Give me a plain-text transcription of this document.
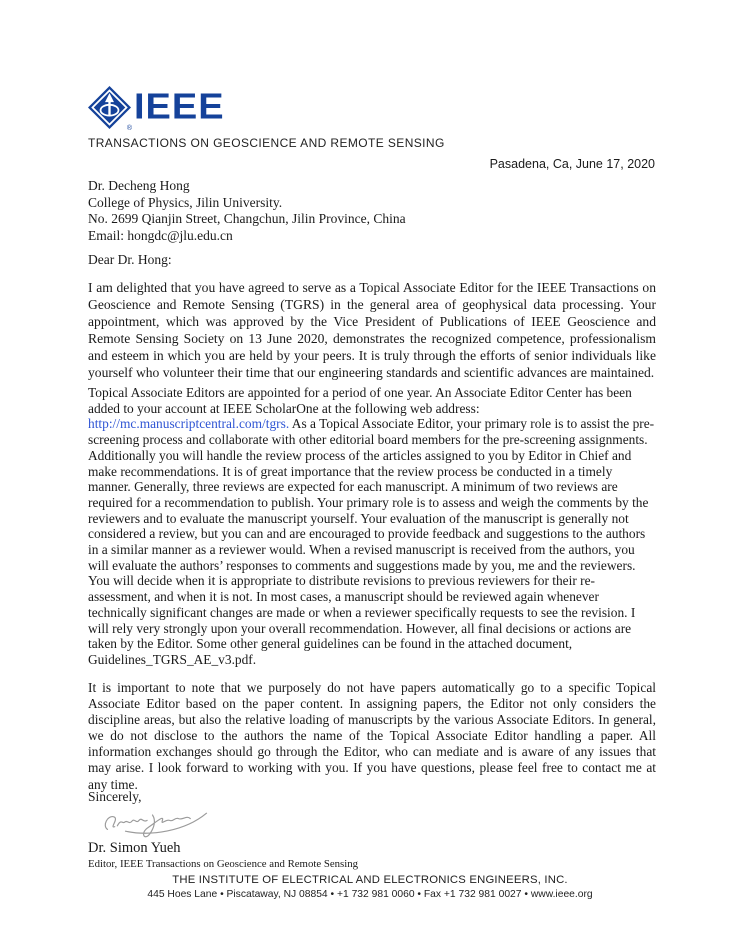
®
IEEE
TRANSACTIONS ON GEOSCIENCE AND REMOTE SENSING
Pasadena, Ca, June 17, 2020
Dr. Decheng Hong
College of Physics, Jilin University.
No. 2699 Qianjin Street, Changchun, Jilin Province, China
Email: hongdc@jlu.edu.cn
Dear Dr. Hong:
I am delighted that you have agreed to serve as a Topical Associate Editor for the IEEE Transactions on Geoscience and Remote Sensing (TGRS) in the general area of geophysical data processing. Your appointment, which was approved by the Vice President of Publications of IEEE Geoscience and Remote Sensing Society on 13 June 2020, demonstrates the recognized competence, professionalism and esteem in which you are held by your peers. It is truly through the efforts of senior individuals like yourself who volunteer their time that our engineering standards and scientific advances are maintained.
Topical Associate Editors are appointed for a period of one year. An Associate Editor Center has been added to your account at IEEE ScholarOne at the following web address: http://mc.manuscriptcentral.com/tgrs. As a Topical Associate Editor, your primary role is to assist the pre-screening process and collaborate with other editorial board members for the pre-screening assignments. Additionally you will handle the review process of the articles assigned to you by Editor in Chief and make recommendations. It is of great importance that the review process be conducted in a timely manner. Generally, three reviews are expected for each manuscript. A minimum of two reviews are required for a recommendation to publish. Your primary role is to assess and weigh the comments by the reviewers and to evaluate the manuscript yourself. Your evaluation of the manuscript is generally not considered a review, but you can and are encouraged to provide feedback and suggestions to the authors in a similar manner as a reviewer would. When a revised manuscript is received from the authors, you will evaluate the authors’ responses to comments and suggestions made by you, me and the reviewers. You will decide when it is appropriate to distribute revisions to previous reviewers for their re-assessment, and when it is not. In most cases, a manuscript should be reviewed again whenever technically significant changes are made or when a reviewer specifically requests to see the revision. I will rely very strongly upon your overall recommendation. However, all final decisions or actions are taken by the Editor. Some other general guidelines can be found in the attached document, Guidelines_TGRS_AE_v3.pdf.
It is important to note that we purposely do not have papers automatically go to a specific Topical Associate Editor based on the paper content. In assigning papers, the Editor not only considers the discipline areas, but also the relative loading of manuscripts by the various Associate Editors. In general, we do not disclose to the authors the name of the Topical Associate Editor handling a paper. All information exchanges should go through the Editor, who can mediate and is aware of any issues that may arise. I look forward to working with you. If you have questions, please feel free to contact me at any time.
Sincerely,
Dr. Simon Yueh
Editor, IEEE Transactions on Geoscience and Remote Sensing
THE INSTITUTE OF ELECTRICAL AND ELECTRONICS ENGINEERS, INC.
445 Hoes Lane • Piscataway, NJ 08854 • +1 732 981 0060 • Fax +1 732 981 0027 • www.ieee.org
